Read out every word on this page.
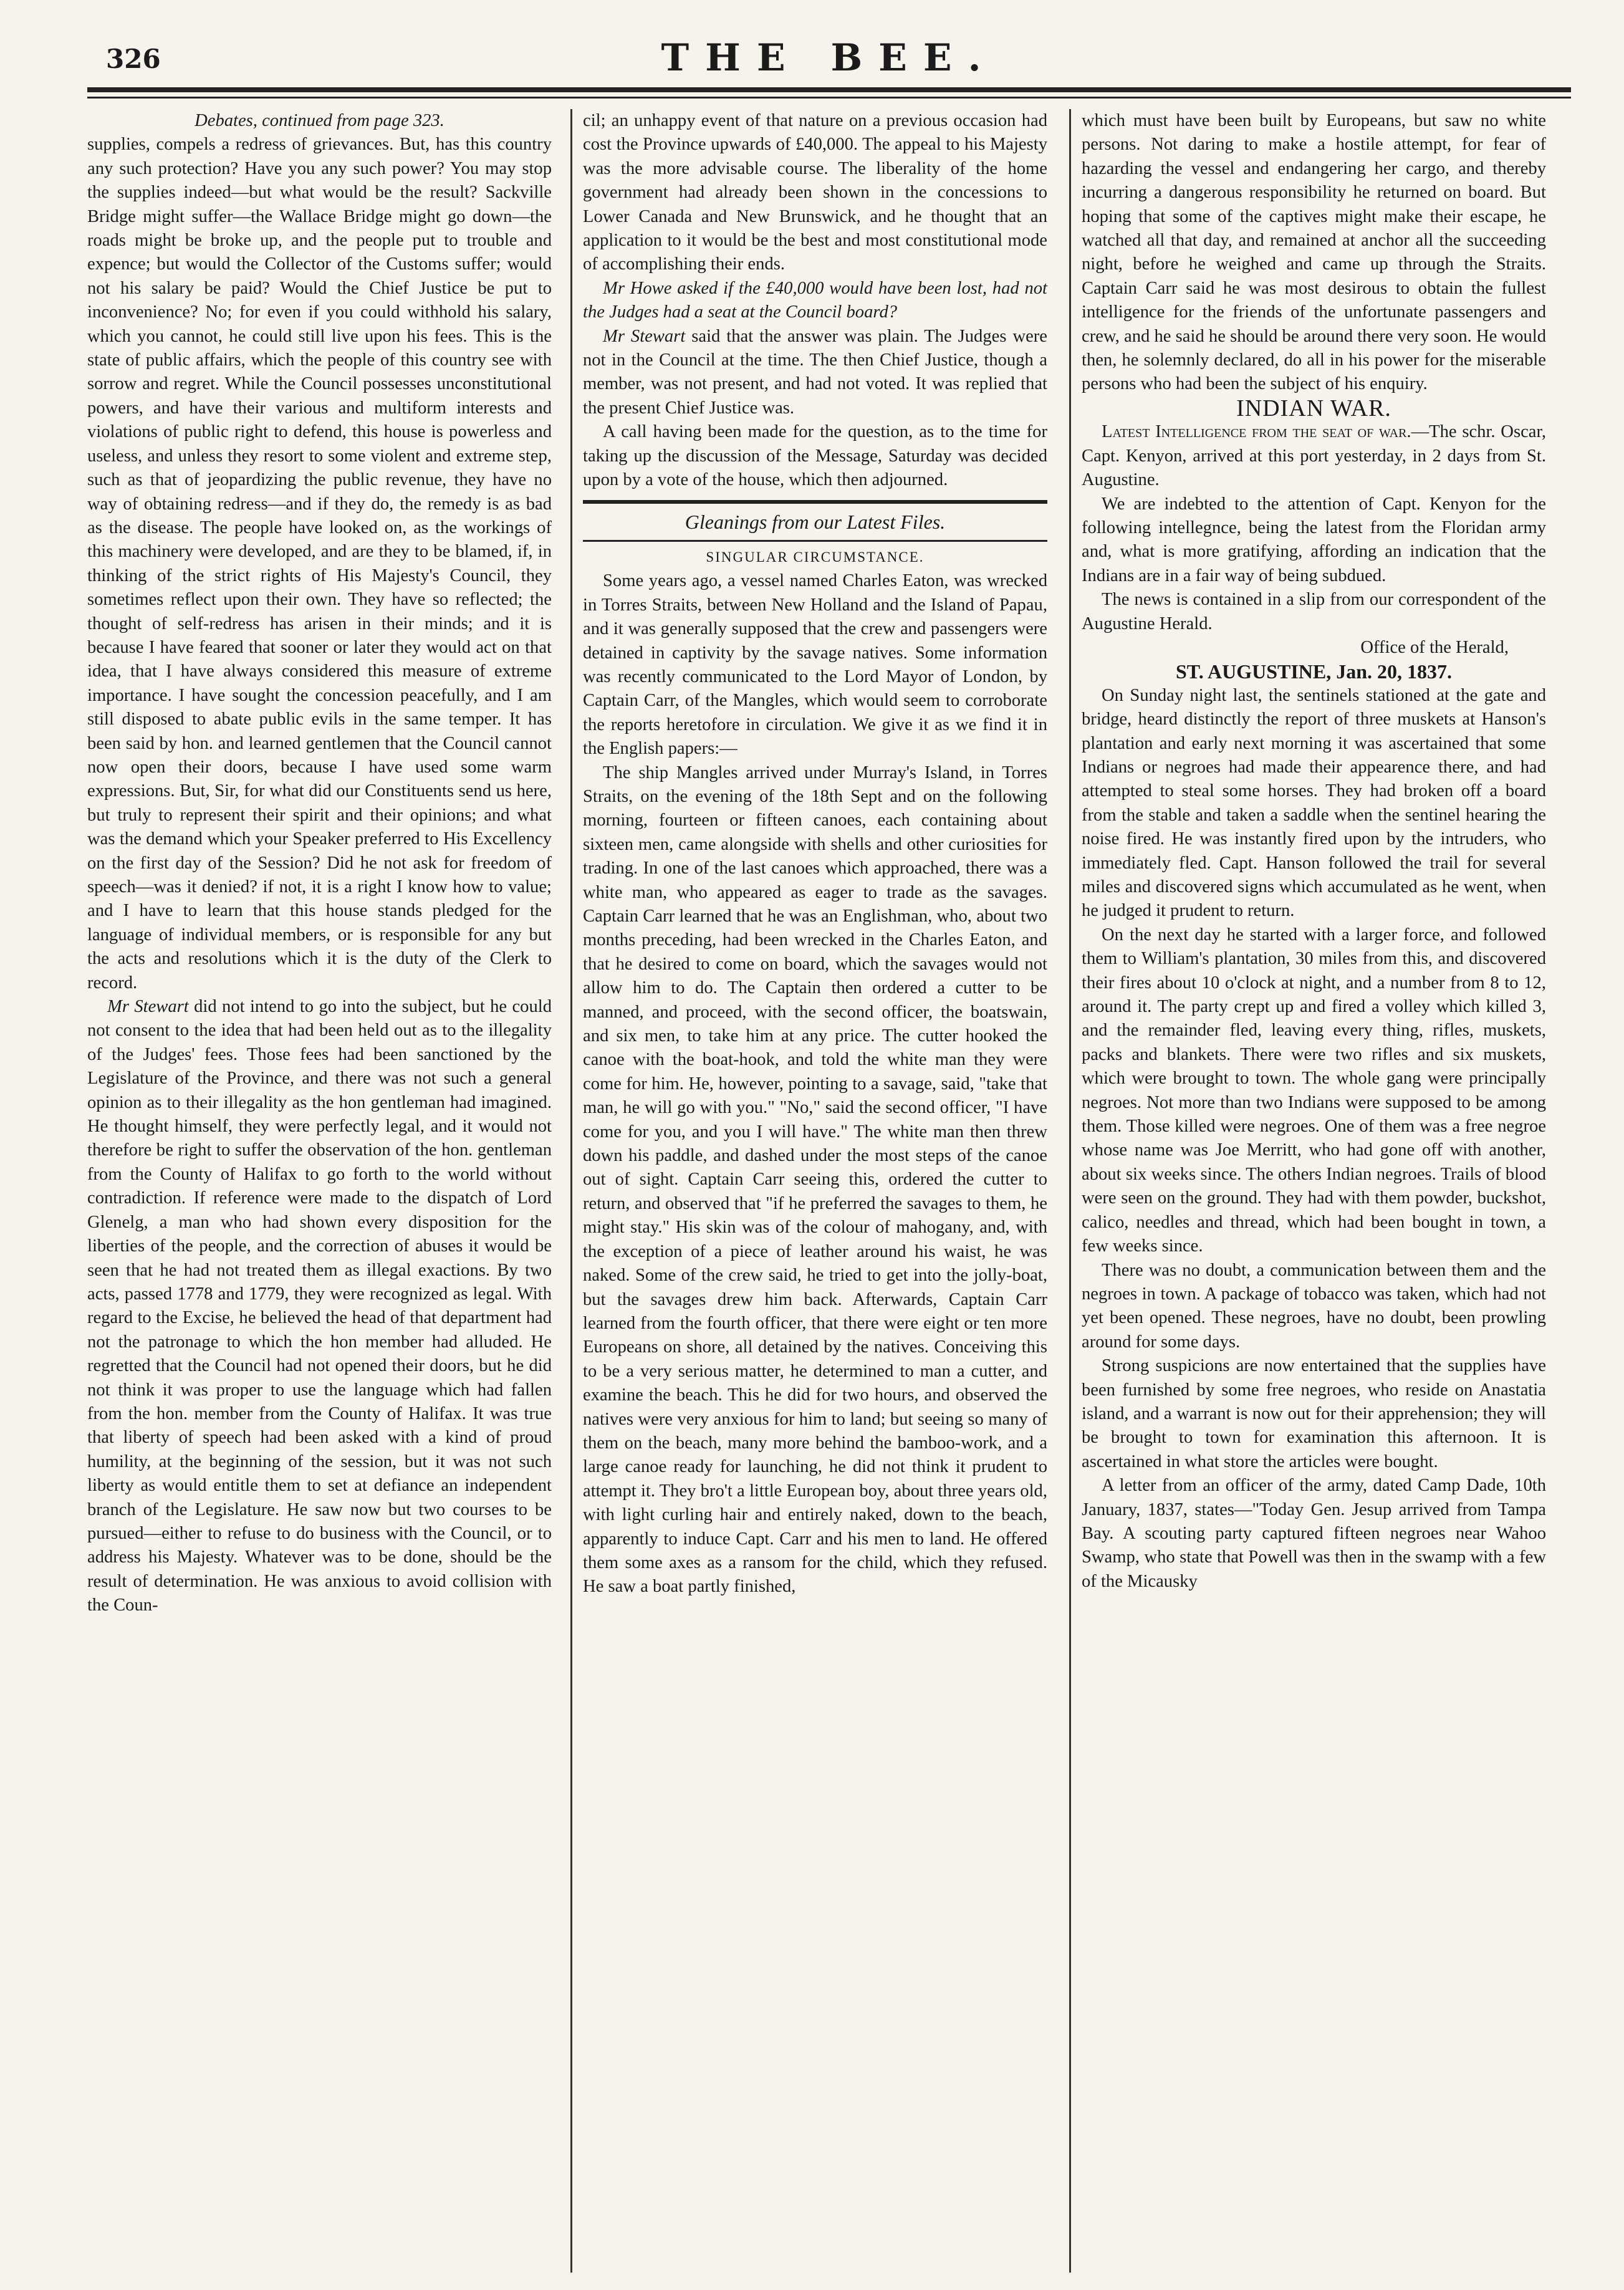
326	THE BEE.

Debates, continued from page 323.

supplies, compels a redress of grievances. But, has this country any such protection? Have you any such power? You may stop the supplies indeed—but what would be the result? Sackville Bridge might suffer—the Wallace Bridge might go down—the roads might be broke up, and the people put to trouble and expence; but would the Collector of the Customs suffer; would not his salary be paid? Would the Chief Justice be put to inconvenience? No; for even if you could withhold his salary, which you cannot, he could still live upon his fees. This is the state of public affairs, which the people of this country see with sorrow and regret. While the Council possesses unconstitutional powers, and have their various and multiform interests and violations of public right to defend, this house is powerless and useless, and unless they resort to some violent and extreme step, such as that of jeopardizing the public revenue, they have no way of obtaining redress—and if they do, the remedy is as bad as the disease. The people have looked on, as the workings of this machinery were developed, and are they to be blamed, if, in thinking of the strict rights of His Majesty's Council, they sometimes reflect upon their own. They have so reflected; the thought of self-redress has arisen in their minds; and it is because I have feared that sooner or later they would act on that idea, that I have always considered this measure of extreme importance. I have sought the concession peacefully, and I am still disposed to abate public evils in the same temper. It has been said by hon. and learned gentlemen that the Council cannot now open their doors, because I have used some warm expressions. But, Sir, for what did our Constituents send us here, but truly to represent their spirit and their opinions; and what was the demand which your Speaker preferred to His Excellency on the first day of the Session? Did he not ask for freedom of speech—was it denied? if not, it is a right I know how to value; and I have to learn that this house stands pledged for the language of individual members, or is responsible for any but the acts and resolutions which it is the duty of the Clerk to record.

Mr Stewart did not intend to go into the subject, but he could not consent to the idea that had been held out as to the illegality of the Judges' fees. Those fees had been sanctioned by the Legislature of the Province, and there was not such a general opinion as to their illegality as the hon gentleman had imagined. He thought himself, they were perfectly legal, and it would not therefore be right to suffer the observation of the hon. gentleman from the County of Halifax to go forth to the world without contradiction. If reference were made to the dispatch of Lord Glenelg, a man who had shown every disposition for the liberties of the people, and the correction of abuses it would be seen that he had not treated them as illegal exactions. By two acts, passed 1778 and 1779, they were recognized as legal. With regard to the Excise, he believed the head of that department had not the patronage to which the hon member had alluded. He regretted that the Council had not opened their doors, but he did not think it was proper to use the language which had fallen from the hon. member from the County of Halifax. It was true that liberty of speech had been asked with a kind of proud humility, at the beginning of the session, but it was not such liberty as would entitle them to set at defiance an independent branch of the Legislature. He saw now but two courses to be pursued—either to refuse to do business with the Council, or to address his Majesty. Whatever was to be done, should be the result of determination. He was anxious to avoid collision with the Coun-

cil; an unhappy event of that nature on a previous occasion had cost the Province upwards of £40,000. The appeal to his Majesty was the more advisable course. The liberality of the home government had already been shown in the concessions to Lower Canada and New Brunswick, and he thought that an application to it would be the best and most constitutional mode of accomplishing their ends.

Mr Howe asked if the £40,000 would have been lost, had not the Judges had a seat at the Council board?

Mr Stewart said that the answer was plain. The Judges were not in the Council at the time. The then Chief Justice, though a member, was not present, and had not voted. It was replied that the present Chief Justice was.

A call having been made for the question, as to the time for taking up the discussion of the Message, Saturday was decided upon by a vote of the house, which then adjourned.

Gleanings from our Latest Files.

SINGULAR CIRCUMSTANCE.

Some years ago, a vessel named Charles Eaton, was wrecked in Torres Straits, between New Holland and the Island of Papau, and it was generally supposed that the crew and passengers were detained in captivity by the savage natives. Some information was recently communicated to the Lord Mayor of London, by Captain Carr, of the Mangles, which would seem to corroborate the reports heretofore in circulation. We give it as we find it in the English papers:—

The ship Mangles arrived under Murray's Island, in Torres Straits, on the evening of the 18th Sept and on the following morning, fourteen or fifteen canoes, each containing about sixteen men, came alongside with shells and other curiosities for trading. In one of the last canoes which approached, there was a white man, who appeared as eager to trade as the savages. Captain Carr learned that he was an Englishman, who, about two months preceding, had been wrecked in the Charles Eaton, and that he desired to come on board, which the savages would not allow him to do. The Captain then ordered a cutter to be manned, and proceed, with the second officer, the boatswain, and six men, to take him at any price. The cutter hooked the canoe with the boat-hook, and told the white man they were come for him. He, however, pointing to a savage, said, "take that man, he will go with you." "No," said the second officer, "I have come for you, and you I will have." The white man then threw down his paddle, and dashed under the most steps of the canoe out of sight. Captain Carr seeing this, ordered the cutter to return, and observed that "if he preferred the savages to them, he might stay." His skin was of the colour of mahogany, and, with the exception of a piece of leather around his waist, he was naked. Some of the crew said, he tried to get into the jolly-boat, but the savages drew him back. Afterwards, Captain Carr learned from the fourth officer, that there were eight or ten more Europeans on shore, all detained by the natives. Conceiving this to be a very serious matter, he determined to man a cutter, and examine the beach. This he did for two hours, and observed the natives were very anxious for him to land; but seeing so many of them on the beach, many more behind the bamboo-work, and a large canoe ready for launching, he did not think it prudent to attempt it. They bro't a little European boy, about three years old, with light curling hair and entirely naked, down to the beach, apparently to induce Capt. Carr and his men to land. He offered them some axes as a ransom for the child, which they refused. He saw a boat partly finished,

which must have been built by Europeans, but saw no white persons. Not daring to make a hostile attempt, for fear of hazarding the vessel and endangering her cargo, and thereby incurring a dangerous responsibility he returned on board. But hoping that some of the captives might make their escape, he watched all that day, and remained at anchor all the succeeding night, before he weighed and came up through the Straits. Captain Carr said he was most desirous to obtain the fullest intelligence for the friends of the unfortunate passengers and crew, and he said he should be around there very soon. He would then, he solemnly declared, do all in his power for the miserable persons who had been the subject of his enquiry.

INDIAN WAR.

Latest Intelligence from the seat of war.—The schr. Oscar, Capt. Kenyon, arrived at this port yesterday, in 2 days from St. Augustine.

We are indebted to the attention of Capt. Kenyon for the following intellegnce, being the latest from the Floridan army and, what is more gratifying, affording an indication that the Indians are in a fair way of being subdued.

The news is contained in a slip from our correspondent of the Augustine Herald.

Office of the Herald,
ST. AUGUSTINE, Jan. 20, 1837.

On Sunday night last, the sentinels stationed at the gate and bridge, heard distinctly the report of three muskets at Hanson's plantation and early next morning it was ascertained that some Indians or negroes had made their appearence there, and had attempted to steal some horses. They had broken off a board from the stable and taken a saddle when the sentinel hearing the noise fired. He was instantly fired upon by the intruders, who immediately fled. Capt. Hanson followed the trail for several miles and discovered signs which accumulated as he went, when he judged it prudent to return.

On the next day he started with a larger force, and followed them to William's plantation, 30 miles from this, and discovered their fires about 10 o'clock at night, and a number from 8 to 12, around it. The party crept up and fired a volley which killed 3, and the remainder fled, leaving every thing, rifles, muskets, packs and blankets. There were two rifles and six muskets, which were brought to town. The whole gang were principally negroes. Not more than two Indians were supposed to be among them. Those killed were negroes. One of them was a free negroe whose name was Joe Merritt, who had gone off with another, about six weeks since. The others Indian negroes. Trails of blood were seen on the ground. They had with them powder, buckshot, calico, needles and thread, which had been bought in town, a few weeks since.

There was no doubt, a communication between them and the negroes in town. A package of tobacco was taken, which had not yet been opened. These negroes, have no doubt, been prowling around for some days.

Strong suspicions are now entertained that the supplies have been furnished by some free negroes, who reside on Anastatia island, and a warrant is now out for their apprehension; they will be brought to town for examination this afternoon. It is ascertained in what store the articles were bought.

A letter from an officer of the army, dated Camp Dade, 10th January, 1837, states—"Today Gen. Jesup arrived from Tampa Bay. A scouting party captured fifteen negroes near Wahoo Swamp, who state that Powell was then in the swamp with a few of the Micausky
